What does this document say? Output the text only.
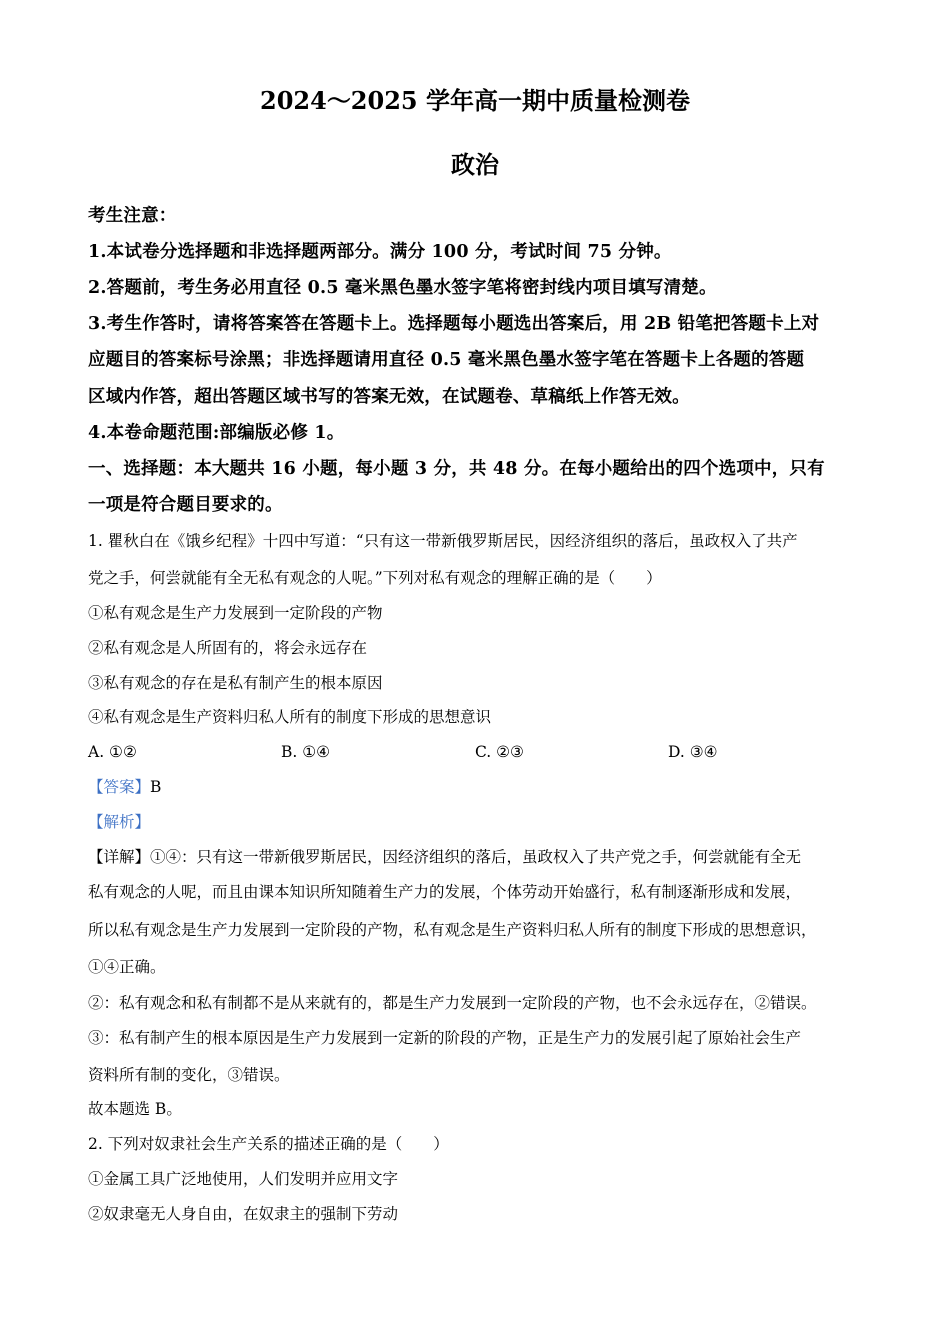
2024～2025 学年高一期中质量检测卷
政治
考生注意：
1.本试卷分选择题和非选择题两部分。满分 100 分，考试时间 75 分钟。
2.答题前，考生务必用直径 0.5 毫米黑色墨水签字笔将密封线内项目填写清楚。
3.考生作答时，请将答案答在答题卡上。选择题每小题选出答案后，用 2B 铅笔把答题卡上对
应题目的答案标号涂黑；非选择题请用直径 0.5 毫米黑色墨水签字笔在答题卡上各题的答题
区域内作答，超出答题区域书写的答案无效，在试题卷、草稿纸上作答无效。
4.本卷命题范围:部编版必修 1。
一、选择题：本大题共 16 小题，每小题 3 分，共 48 分。在每小题给出的四个选项中，只有
一项是符合题目要求的。
1. 瞿秋白在《饿乡纪程》十四中写道：“只有这一带新俄罗斯居民，因经济组织的落后，虽政权入了共产
党之手，何尝就能有全无私有观念的人呢。”下列对私有观念的理解正确的是（　　）
①私有观念是生产力发展到一定阶段的产物
②私有观念是人所固有的，将会永远存在
③私有观念的存在是私有制产生的根本原因
④私有观念是生产资料归私人所有的制度下形成的思想意识
A. ①②	B. ①④	C. ②③	D. ③④
【答案】B
【解析】
【详解】①④：只有这一带新俄罗斯居民，因经济组织的落后，虽政权入了共产党之手，何尝就能有全无
私有观念的人呢，而且由课本知识所知随着生产力的发展，个体劳动开始盛行，私有制逐渐形成和发展，
所以私有观念是生产力发展到一定阶段的产物，私有观念是生产资料归私人所有的制度下形成的思想意识，
①④正确。
②：私有观念和私有制都不是从来就有的，都是生产力发展到一定阶段的产物，也不会永远存在，②错误。
③：私有制产生的根本原因是生产力发展到一定新的阶段的产物，正是生产力的发展引起了原始社会生产
资料所有制的变化，③错误。
故本题选 B。
2. 下列对奴隶社会生产关系的描述正确的是（　　）
①金属工具广泛地使用，人们发明并应用文字
②奴隶毫无人身自由，在奴隶主的强制下劳动
